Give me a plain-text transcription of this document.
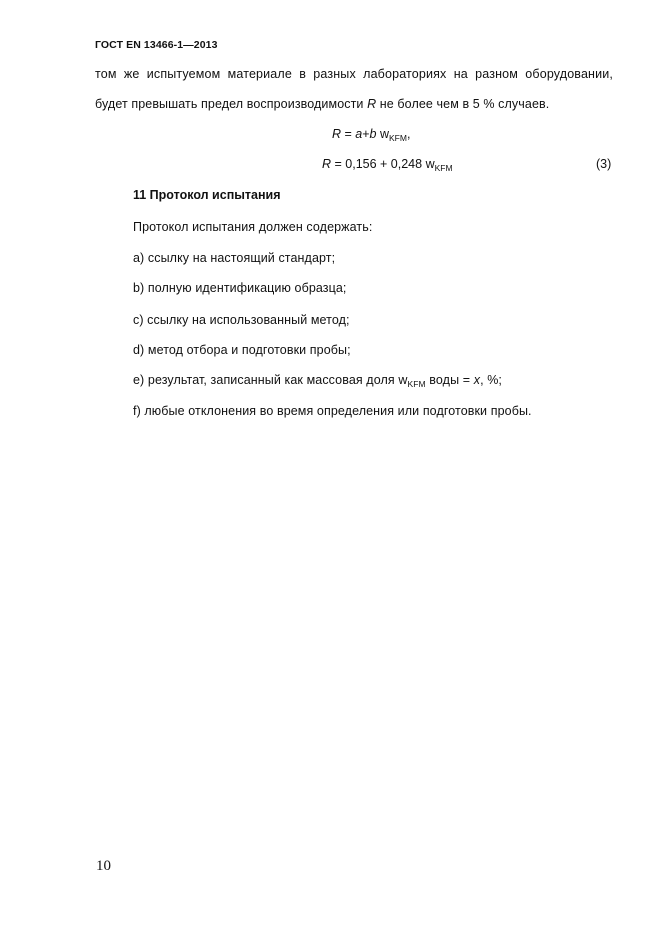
ГОСТ EN 13466-1—2013
том же испытуемом материале в разных лабораториях на разном оборудовании,
будет превышать предел воспроизводимости R не более чем в 5 % случаев.
R = a+b $w_{KFM}$,
R = 0,156 + 0,248 $w_{KFM}$	(3)
11 Протокол испытания
Протокол испытания должен содержать:
a) ссылку на настоящий стандарт;
b) полную идентификацию образца;
c) ссылку на использованный метод;
d) метод отбора и подготовки пробы;
e) результат, записанный как массовая доля $w_{KFM}$ воды = x, %;
f) любые отклонения во время определения или подготовки пробы.
10
